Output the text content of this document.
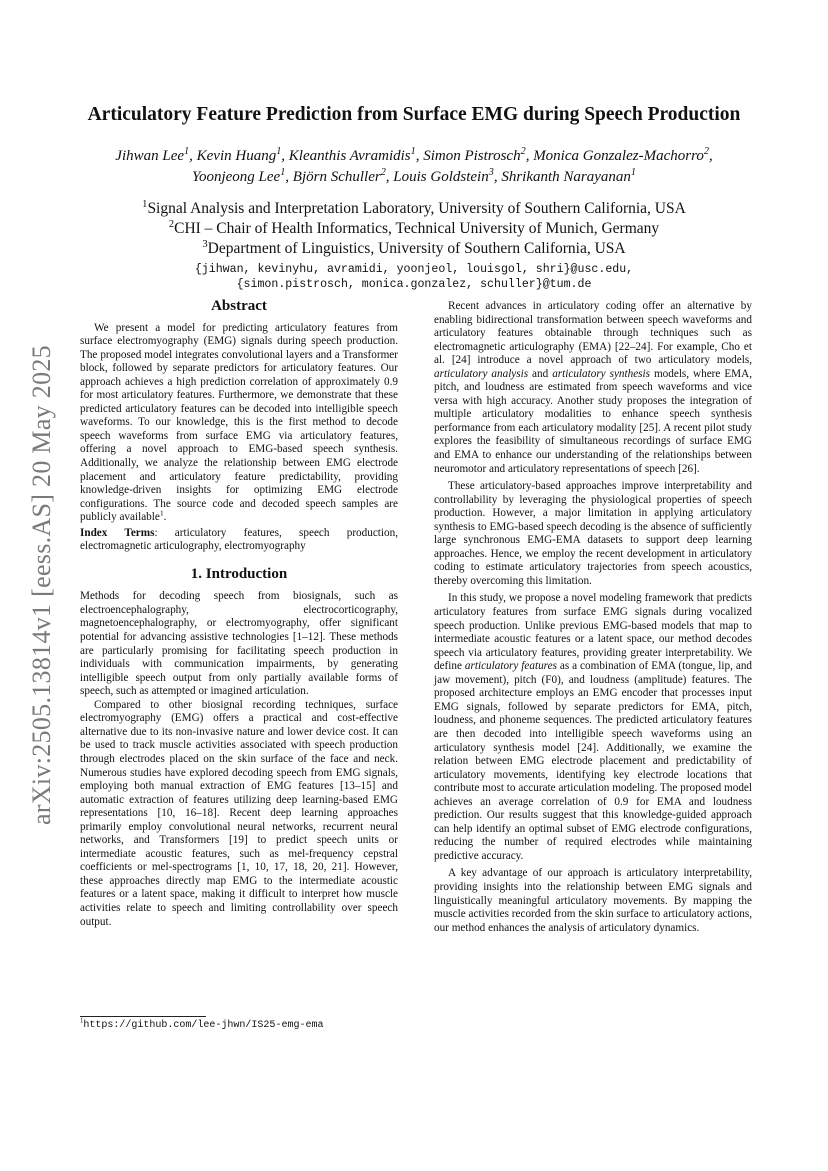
arXiv:2505.13814v1 [eess.AS] 20 May 2025
Articulatory Feature Prediction from Surface EMG during Speech Production
Jihwan Lee$^1$, Kevin Huang$^1$, Kleanthis Avramidis$^1$, Simon Pistrosch$^2$, Monica Gonzalez-Machorro$^2$,
Yoonjeong Lee$^1$, Björn Schuller$^2$, Louis Goldstein$^3$, Shrikanth Narayanan$^1$
$^1$Signal Analysis and Interpretation Laboratory, University of Southern California, USA
$^2$CHI – Chair of Health Informatics, Technical University of Munich, Germany
$^3$Department of Linguistics, University of Southern California, USA
{jihwan, kevinyhu, avramidi, yoonjeol, louisgol, shri}@usc.edu,
{simon.pistrosch, monica.gonzalez, schuller}@tum.de
Abstract

We present a model for predicting articulatory features from surface electromyography (EMG) signals during speech production. The proposed model integrates convolutional layers and a Transformer block, followed by separate predictors for articulatory features. Our approach achieves a high prediction correlation of approximately 0.9 for most articulatory features. Furthermore, we demonstrate that these predicted articulatory features can be decoded into intelligible speech waveforms. To our knowledge, this is the first method to decode speech waveforms from surface EMG via articulatory features, offering a novel approach to EMG-based speech synthesis. Additionally, we analyze the relationship between EMG electrode placement and articulatory feature predictability, providing knowledge-driven insights for optimizing EMG electrode configurations. The source code and decoded speech samples are publicly available$^1$.

Index Terms: articulatory features, speech production, electromagnetic articulography, electromyography

1. Introduction

Methods for decoding speech from biosignals, such as electroencephalography, electrocorticography, magnetoencephalography, or electromyography, offer significant potential for advancing assistive technologies [1–12]. These methods are particularly promising for facilitating speech production in individuals with communication impairments, by generating intelligible speech output from only partially available forms of speech, such as attempted or imagined articulation.

Compared to other biosignal recording techniques, surface electromyography (EMG) offers a practical and cost-effective alternative due to its non-invasive nature and lower device cost. It can be used to track muscle activities associated with speech production through electrodes placed on the skin surface of the face and neck. Numerous studies have explored decoding speech from EMG signals, employing both manual extraction of EMG features [13–15] and automatic extraction of features utilizing deep learning-based EMG representations [10, 16–18]. Recent deep learning approaches primarily employ convolutional neural networks, recurrent neural networks, and Transformers [19] to predict speech units or intermediate acoustic features, such as mel-frequency cepstral coefficients or mel-spectrograms [1, 10, 17, 18, 20, 21]. However, these approaches directly map EMG to the intermediate acoustic features or a latent space, making it difficult to interpret how muscle activities relate to speech and limiting controllability over speech output.

Recent advances in articulatory coding offer an alternative by enabling bidirectional transformation between speech waveforms and articulatory features obtainable through techniques such as electromagnetic articulography (EMA) [22–24]. For example, Cho et al. [24] introduce a novel approach of two articulatory models, articulatory analysis and articulatory synthesis models, where EMA, pitch, and loudness are estimated from speech waveforms and vice versa with high accuracy. Another study proposes the integration of multiple articulatory modalities to enhance speech synthesis performance from each articulatory modality [25]. A recent pilot study explores the feasibility of simultaneous recordings of surface EMG and EMA to enhance our understanding of the relationships between neuromotor and articulatory representations of speech [26].

These articulatory-based approaches improve interpretability and controllability by leveraging the physiological properties of speech production. However, a major limitation in applying articulatory synthesis to EMG-based speech decoding is the absence of sufficiently large synchronous EMG-EMA datasets to support deep learning approaches. Hence, we employ the recent development in articulatory coding to estimate articulatory trajectories from speech acoustics, thereby overcoming this limitation.

In this study, we propose a novel modeling framework that predicts articulatory features from surface EMG signals during vocalized speech production. Unlike previous EMG-based models that map to intermediate acoustic features or a latent space, our method decodes speech via articulatory features, providing greater interpretability. We define articulatory features as a combination of EMA (tongue, lip, and jaw movement), pitch (F0), and loudness (amplitude) features. The proposed architecture employs an EMG encoder that processes input EMG signals, followed by separate predictors for EMA, pitch, loudness, and phoneme sequences. The predicted articulatory features are then decoded into intelligible speech waveforms using an articulatory synthesis model [24]. Additionally, we examine the relation between EMG electrode placement and predictability of articulatory movements, identifying key electrode locations that contribute most to accurate articulation modeling. The proposed model achieves an average correlation of 0.9 for EMA and loudness prediction. Our results suggest that this knowledge-guided approach can help identify an optimal subset of EMG electrode configurations, reducing the number of required electrodes while maintaining predictive accuracy.

A key advantage of our approach is articulatory interpretability, providing insights into the relationship between EMG signals and linguistically meaningful articulatory movements. By mapping the muscle activities recorded from the skin surface to articulatory actions, our method enhances the analysis of articulatory dynamics.

$^1$https://github.com/lee-jhwn/IS25-emg-ema
